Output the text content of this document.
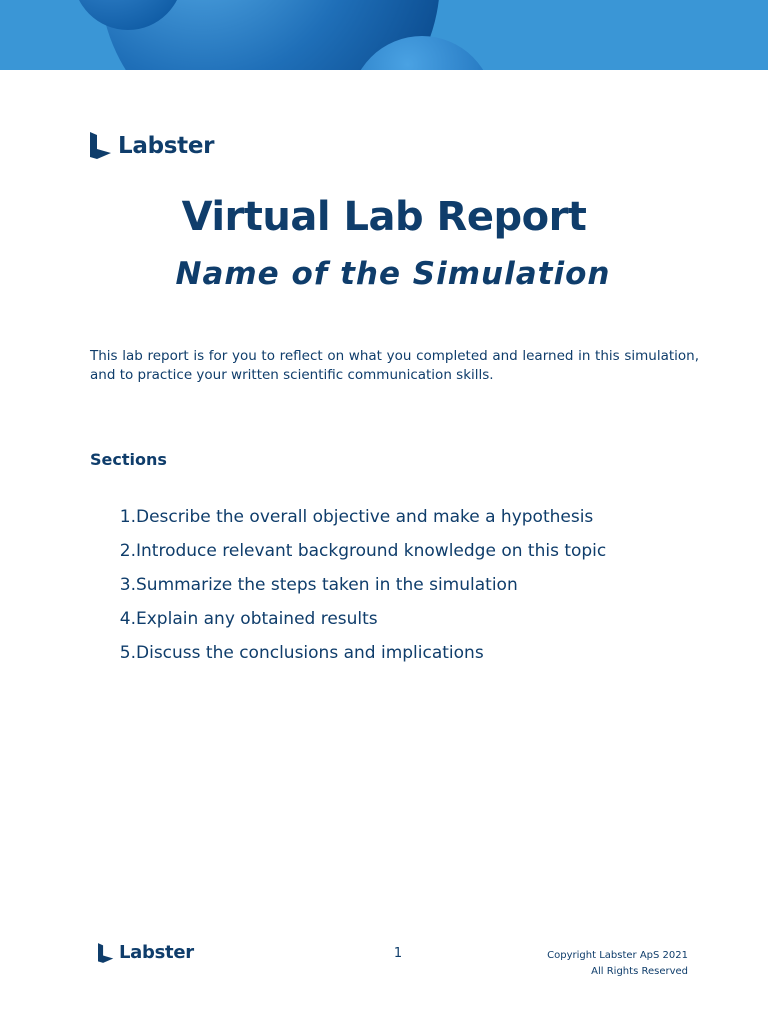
Labster
Virtual Lab Report
Name of the Simulation

This lab report is for you to reflect on what you completed and learned in this simulation, and to practice your written scientific communication skills.

Sections
1. Describe the overall objective and make a hypothesis
2. Introduce relevant background knowledge on this topic
3. Summarize the steps taken in the simulation
4. Explain any obtained results
5. Discuss the conclusions and implications
Labster	1	Copyright Labster ApS 2021
All Rights Reserved
